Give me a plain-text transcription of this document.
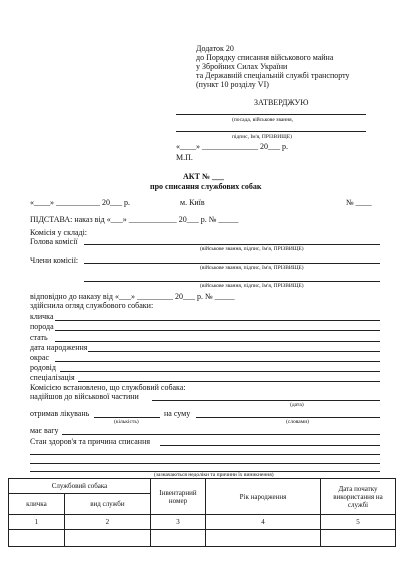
Додаток 20
до Порядку списання військового майна
у Збройних Силах України
та Державній спеціальній службі транспорту
(пункт 10 розділу VI)
ЗАТВЕРДЖУЮ
(посада, військове звання,
підпис, Ім'я, ПРІЗВИЩЕ)
«____» ______________ 20___ р.
М.П.
АКТ № ___
про списання службових собак
«____» ___________ 20___ р.	м. Київ	№ ____
ПІДСТАВА: наказ від «___» ____________ 20___ р. № _____
Комісія у складі:
Голова комісії
(військове звання, підпис, Ім'я, ПРІЗВИЩЕ)
Члени комісії:
(військове звання, підпис, Ім'я, ПРІЗВИЩЕ)
(військове звання, підпис, Ім'я, ПРІЗВИЩЕ)
відповідно до наказу від «___» _________ 20___ р. № _____
здійснила огляд службового собаки:
кличка
порода
стать
дата народження
окрас
родовід
спеціалізація
Комісією встановлено, що службовий собака:
надійшов до військової частини
(дата)
отримав лікувань	на суму
(кількість)	(словами)
має вагу
Стан здоров'я та причина списання
(зазначаються недоліки та причини їх виникнення)
Службовий собака		Інвентарний номер	Рік народження	Дата початку використання на службі
кличка	вид служби			
1	2	3	4	5
